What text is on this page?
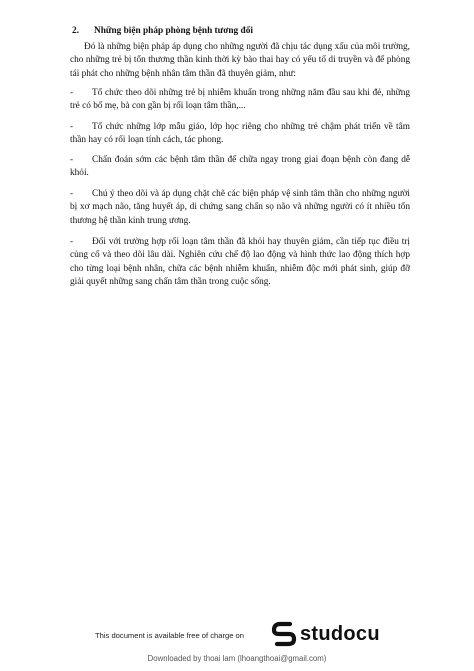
2. Những biện pháp phòng bệnh tương đối

Đó là những biện pháp áp dụng cho những người đã chịu tác dụng xấu của môi trường, cho những trẻ bị tổn thương thần kinh thời kỳ bào thai hay có yếu tố di truyền và để phòng tái phát cho những bệnh nhân tâm thần đã thuyên giảm, như:

- Tổ chức theo dõi những trẻ bị nhiễm khuẩn trong những năm đầu sau khi đẻ, những trẻ có bố mẹ, bà con gần bị rối loạn tâm thần,...

- Tổ chức những lớp mẫu giáo, lớp học riêng cho những trẻ chậm phát triển về tâm thần hay có rối loạn tính cách, tác phong.

- Chẩn đoán sớm các bệnh tâm thần để chữa ngay trong giai đoạn bệnh còn đang dễ khỏi.

- Chú ý theo dõi và áp dụng chặt chẽ các biện pháp vệ sinh tâm thần cho những người bị xơ mạch não, tăng huyết áp, di chứng sang chấn sọ não và những người có ít nhiều tổn thương hệ thần kinh trung ương.

- Đối với trường hợp rối loạn tâm thần đã khỏi hay thuyên giảm, cần tiếp tục điều trị củng cố và theo dõi lâu dài. Nghiên cứu chế độ lao động và hình thức lao động thích hợp cho từng loại bệnh nhân, chữa các bệnh nhiễm khuẩn, nhiễm độc mới phát sinh, giúp đỡ giải quyết những sang chấn tâm thần trong cuộc sống.

This document is available free of charge on	studocu
Downloaded by thoai lam (lhoangthoai@gmail.com)
